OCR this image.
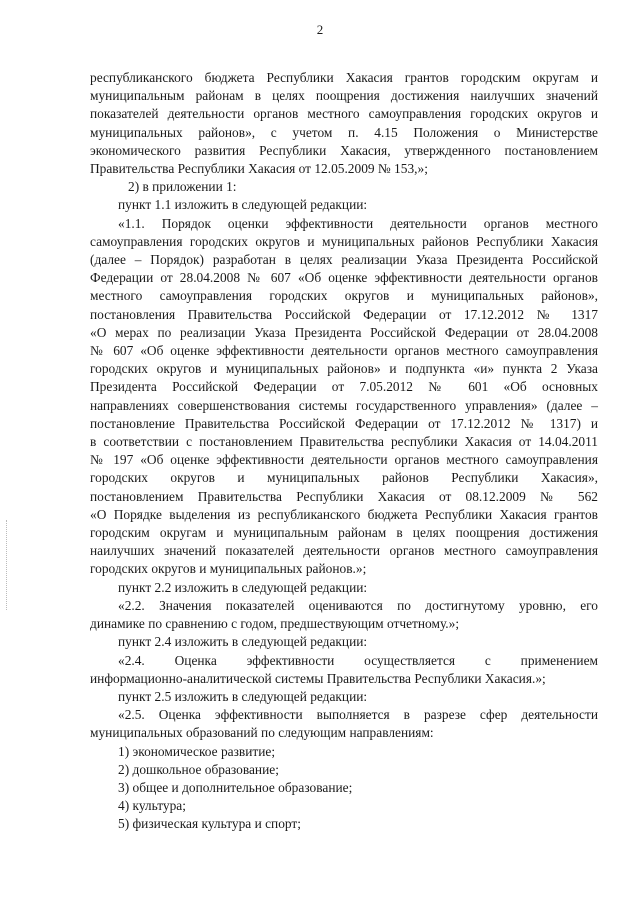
2
республиканского бюджета Республики Хакасия грантов городским округам и
муниципальным районам в целях поощрения достижения наилучших значений
показателей деятельности органов местного самоуправления городских округов и
муниципальных районов», с учетом п. 4.15 Положения о Министерстве
экономического развития Республики Хакасия, утвержденного постановлением
Правительства Республики Хакасия от 12.05.2009 № 153,»;
2) в приложении 1:
пункт 1.1 изложить в следующей редакции:
«1.1. Порядок оценки эффективности деятельности органов местного
самоуправления городских округов и муниципальных районов Республики Хакасия
(далее – Порядок) разработан в целях реализации Указа Президента Российской
Федерации от 28.04.2008 № 607 «Об оценке эффективности деятельности органов
местного самоуправления городских округов и муниципальных районов»,
постановления Правительства Российской Федерации от 17.12.2012 № 1317
«О мерах по реализации Указа Президента Российской Федерации от 28.04.2008
№ 607 «Об оценке эффективности деятельности органов местного самоуправления
городских округов и муниципальных районов» и подпункта «и» пункта 2 Указа
Президента Российской Федерации от 7.05.2012 № 601 «Об основных
направлениях совершенствования системы государственного управления» (далее –
постановление Правительства Российской Федерации от 17.12.2012 № 1317) и
в соответствии с постановлением Правительства республики Хакасия от 14.04.2011
№ 197 «Об оценке эффективности деятельности органов местного самоуправления
городских округов и муниципальных районов Республики Хакасия»,
постановлением Правительства Республики Хакасия от 08.12.2009 № 562
«О Порядке выделения из республиканского бюджета Республики Хакасия грантов
городским округам и муниципальным районам в целях поощрения достижения
наилучших значений показателей деятельности органов местного самоуправления
городских округов и муниципальных районов.»;
пункт 2.2 изложить в следующей редакции:
«2.2. Значения показателей оцениваются по достигнутому уровню, его
динамике по сравнению с годом, предшествующим отчетному.»;
пункт 2.4 изложить в следующей редакции:
«2.4. Оценка эффективности осуществляется с применением
информационно-аналитической системы Правительства Республики Хакасия.»;
пункт 2.5 изложить в следующей редакции:
«2.5. Оценка эффективности выполняется в разрезе сфер деятельности
муниципальных образований по следующим направлениям:
1) экономическое развитие;
2) дошкольное образование;
3) общее и дополнительное образование;
4) культура;
5) физическая культура и спорт;
